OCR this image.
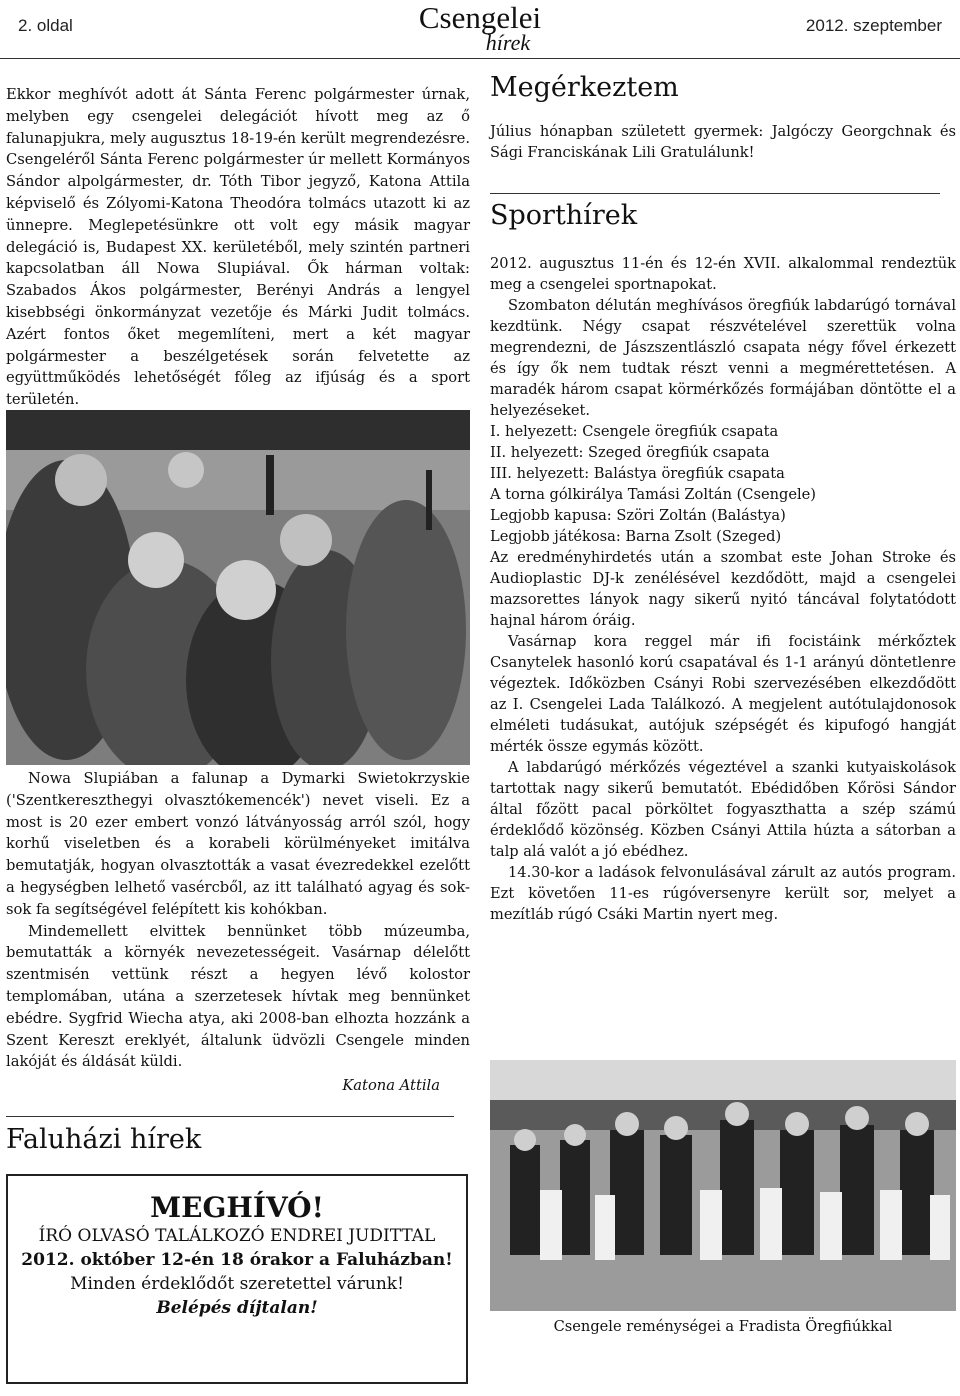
2. oldal	Csengelei
hírek
2012. szeptember

Ekkor meghívót adott át Sánta Ferenc polgármester úrnak, melyben egy csengelei delegációt hívott meg az ő falunapjukra, mely augusztus 18-19-én került megrendezésre. Csengeléről Sánta Ferenc polgármester úr mellett Kormányos Sándor alpolgármester, dr. Tóth Tibor jegyző, Katona Attila képviselő és Zólyomi-Katona Theodóra tolmács utazott ki az ünnepre. Meglepetésünkre ott volt egy másik magyar delegáció is, Budapest XX. kerületéből, mely szintén partneri kapcsolatban áll Nowa Slupiával. Ők hárman voltak: Szabados Ákos polgármester, Berényi András a lengyel kisebbségi önkormányzat vezetője és Márki Judit tolmács. Azért fontos őket megemlíteni, mert a két magyar polgármester a beszélgetések során felvetette az együttműködés lehetőségét főleg az ifjúság és a sport területén.

Nowa Slupiában a falunap a Dymarki Swietokrzyskie ('Szentkereszthegyi olvasztókemencék') nevet viseli. Ez a most is 20 ezer embert vonzó látványosság arról szól, hogy korhű viseletben és a korabeli körülményeket imitálva bemutatják, hogyan olvasztották a vasat évezredekkel ezelőtt a hegységben lelhető vasércből, az itt található agyag és sok-sok fa segítségével felépített kis kohókban.

Mindemellett elvittek bennünket több múzeumba, bemutatták a környék nevezetességeit. Vasárnap délelőtt szentmisén vettünk részt a hegyen lévő kolostor templomában, utána a szerzetesek hívtak meg bennünket ebédre. Sygfrid Wiecha atya, aki 2008-ban elhozta hozzánk a Szent Kereszt ereklyét, általunk üdvözli Csengele minden lakóját és áldását küldi.

Katona Attila

Faluházi hírek
MEGHÍVÓ!
ÍRÓ OLVASÓ TALÁLKOZÓ ENDREI JUDITTAL
2012. október 12-én 18 órakor a Faluházban!
Minden érdeklődőt szeretettel várunk!
Belépés díjtalan!
Megérkeztem

Július hónapban született gyermek: Jalgóczy Georgchnak és Sági Franciskának Lili Gratulálunk!

Sporthírek

2012. augusztus 11-én és 12-én XVII. alkalommal rendeztük meg a csengelei sportnapokat.

Szombaton délután meghívásos öregfiúk labdarúgó tornával kezdtünk. Négy csapat részvételével szerettük volna megrendezni, de Jászszentlászló csapata négy fővel érkezett és így ők nem tudtak részt venni a megmérettetésen. A maradék három csapat körmérkőzés formájában döntötte el a helyezéseket.

I. helyezett: Csengele öregfiúk csapata
II. helyezett: Szeged öregfiúk csapata
III. helyezett: Balástya öregfiúk csapata
A torna gólkirálya Tamási Zoltán (Csengele)
Legjobb kapusa: Szöri Zoltán (Balástya)
Legjobb játékosa: Barna Zsolt (Szeged)

Az eredményhirdetés után a szombat este Johan Stroke és Audioplastic DJ-k zenélésével kezdődött, majd a csengelei mazsorettes lányok nagy sikerű nyitó táncával folytatódott hajnal három óráig.

Vasárnap kora reggel már ifi focistáink mérkőztek Csanytelek hasonló korú csapatával és 1-1 arányú döntetlenre végeztek. Időközben Csányi Robi szervezésében elkezdődött az I. Csengelei Lada Találkozó. A megjelent autótulajdonosok elméleti tudásukat, autójuk szépségét és kipufogó hangját mérték össze egymás között.

A labdarúgó mérkőzés végeztével a szanki kutyaiskolások tartottak nagy sikerű bemutatót. Ebédidőben Kőrösi Sándor által főzött pacal pörköltet fogyaszthatta a szép számú érdeklődő közönség. Közben Csányi Attila húzta a sátorban a talp alá valót a jó ebédhez.

14.30-kor a ladások felvonulásával zárult az autós program. Ezt követően 11-es rúgóversenyre került sor, melyet a mezítláb rúgó Csáki Martin nyert meg.

Csengele reménységei a Fradista Öregfiúkkal
